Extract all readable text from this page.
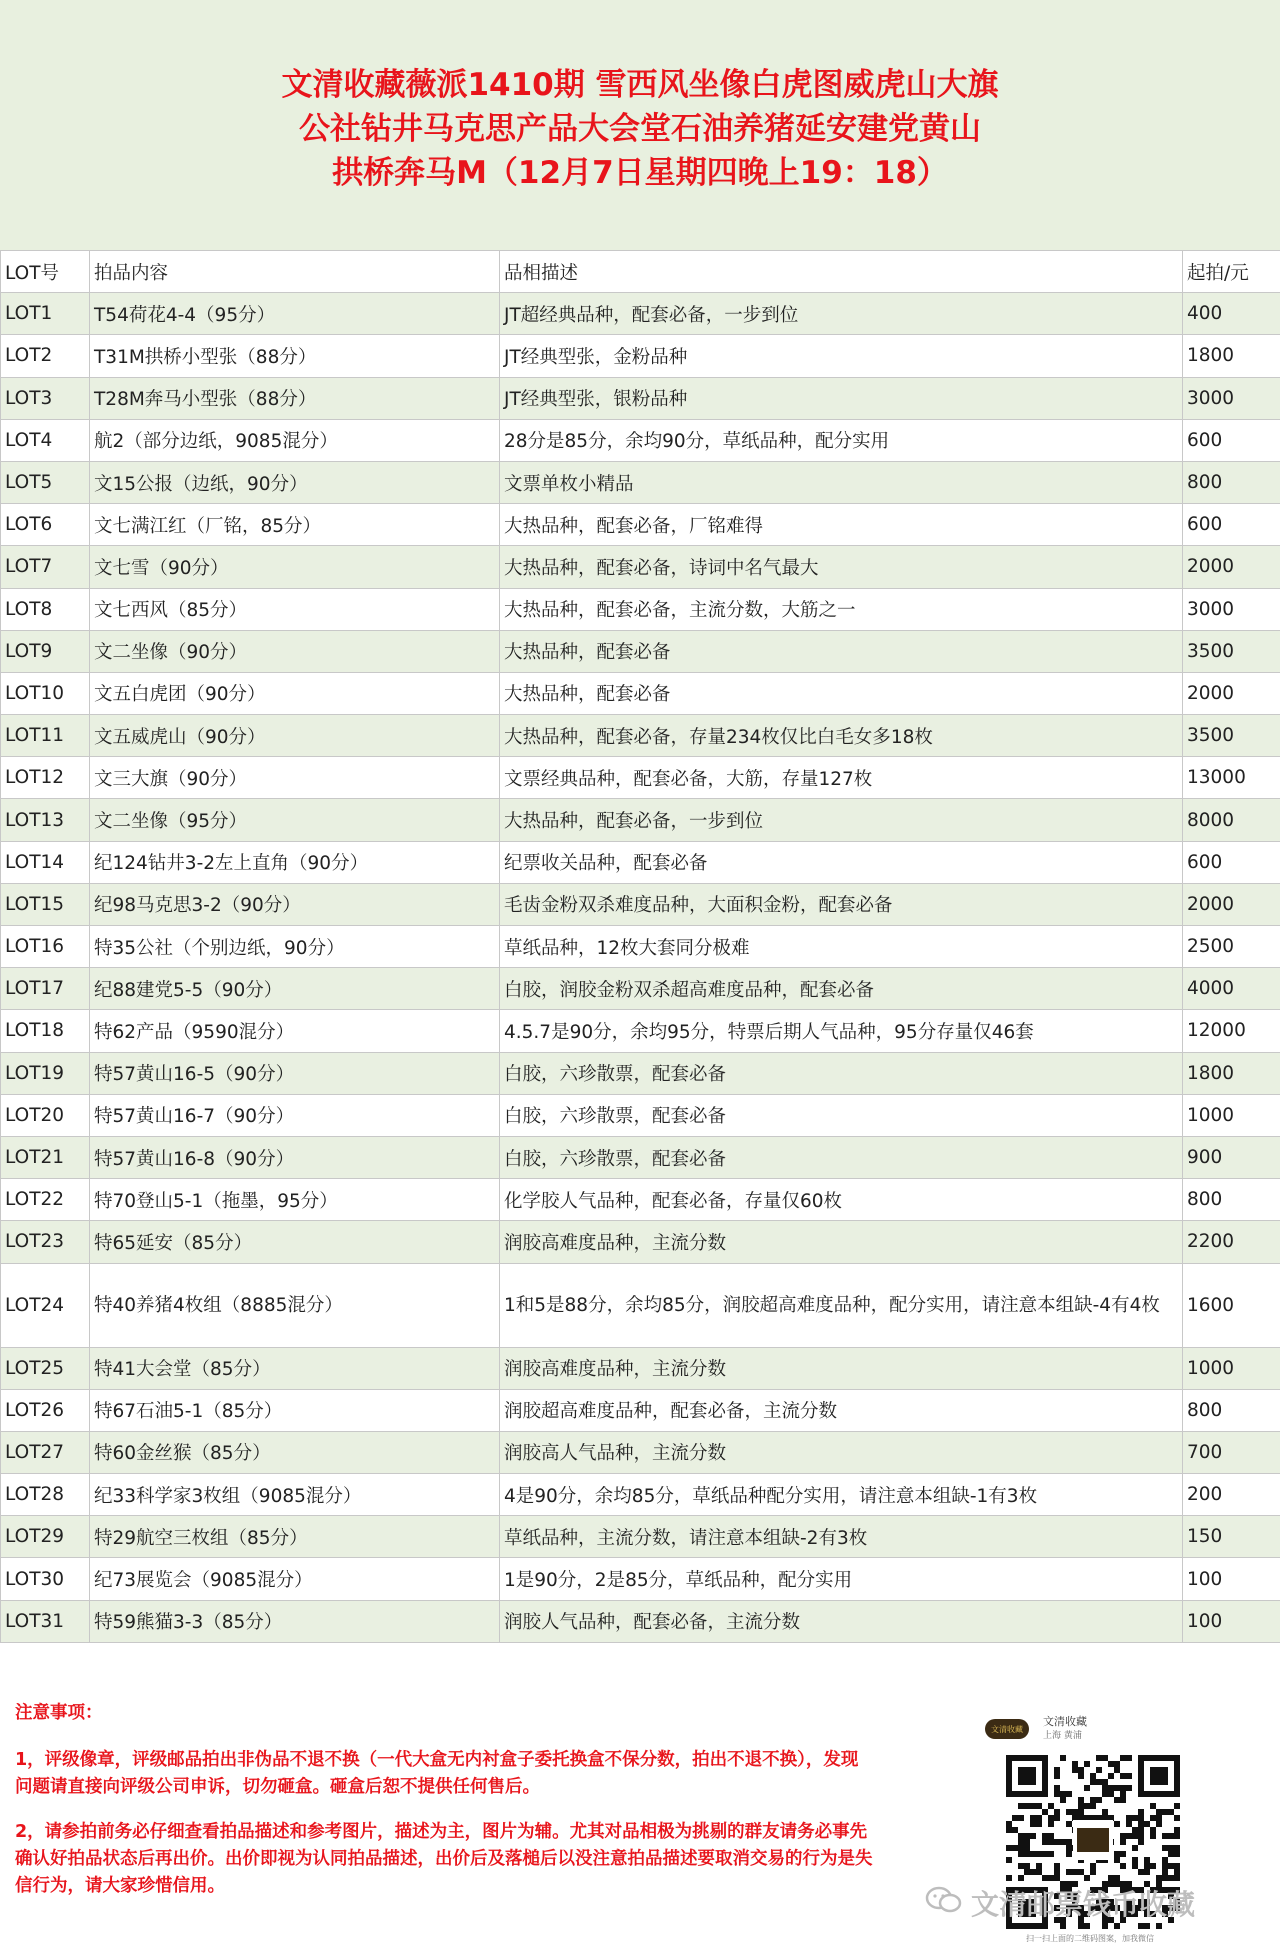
文清收藏薇派1410期 雪西风坐像白虎图威虎山大旗
公社钻井马克思产品大会堂石油养猪延安建党黄山
拱桥奔马M（12月7日星期四晚上19：18）
LOT号	拍品内容	品相描述	起拍/元
LOT1	T54荷花4-4（95分）	JT超经典品种，配套必备，一步到位	400
LOT2	T31M拱桥小型张（88分）	JT经典型张，金粉品种	1800
LOT3	T28M奔马小型张（88分）	JT经典型张，银粉品种	3000
LOT4	航2（部分边纸，9085混分）	28分是85分，余均90分，草纸品种，配分实用	600
LOT5	文15公报（边纸，90分）	文票单枚小精品	800
LOT6	文七满江红（厂铭，85分）	大热品种，配套必备，厂铭难得	600
LOT7	文七雪（90分）	大热品种，配套必备，诗词中名气最大	2000
LOT8	文七西风（85分）	大热品种，配套必备，主流分数，大筋之一	3000
LOT9	文二坐像（90分）	大热品种，配套必备	3500
LOT10	文五白虎团（90分）	大热品种，配套必备	2000
LOT11	文五威虎山（90分）	大热品种，配套必备，存量234枚仅比白毛女多18枚	3500
LOT12	文三大旗（90分）	文票经典品种，配套必备，大筋，存量127枚	13000
LOT13	文二坐像（95分）	大热品种，配套必备，一步到位	8000
LOT14	纪124钻井3-2左上直角（90分）	纪票收关品种，配套必备	600
LOT15	纪98马克思3-2（90分）	毛齿金粉双杀难度品种，大面积金粉，配套必备	2000
LOT16	特35公社（个别边纸，90分）	草纸品种，12枚大套同分极难	2500
LOT17	纪88建党5-5（90分）	白胶，润胶金粉双杀超高难度品种，配套必备	4000
LOT18	特62产品（9590混分）	4.5.7是90分，余均95分，特票后期人气品种，95分存量仅46套	12000
LOT19	特57黄山16-5（90分）	白胶，六珍散票，配套必备	1800
LOT20	特57黄山16-7（90分）	白胶，六珍散票，配套必备	1000
LOT21	特57黄山16-8（90分）	白胶，六珍散票，配套必备	900
LOT22	特70登山5-1（拖墨，95分）	化学胶人气品种，配套必备，存量仅60枚	800
LOT23	特65延安（85分）	润胶高难度品种，主流分数	2200
LOT24	特40养猪4枚组（8885混分）	1和5是88分，余均85分，润胶超高难度品种，配分实用，请注意本组缺-4有4枚	1600
LOT25	特41大会堂（85分）	润胶高难度品种，主流分数	1000
LOT26	特67石油5-1（85分）	润胶超高难度品种，配套必备，主流分数	800
LOT27	特60金丝猴（85分）	润胶高人气品种，主流分数	700
LOT28	纪33科学家3枚组（9085混分）	4是90分，余均85分，草纸品种配分实用，请注意本组缺-1有3枚	200
LOT29	特29航空三枚组（85分）	草纸品种，主流分数，请注意本组缺-2有3枚	150
LOT30	纪73展览会（9085混分）	1是90分，2是85分，草纸品种，配分实用	100
LOT31	特59熊猫3-3（85分）	润胶人气品种，配套必备，主流分数	100
注意事项：

1，评级像章，评级邮品拍出非伪品不退不换（一代大盒无内衬盒子委托换盒不保分数，拍出不退不换），发现问题请直接向评级公司申诉，切勿砸盒。砸盒后恕不提供任何售后。

2，请参拍前务必仔细查看拍品描述和参考图片，描述为主，图片为辅。尤其对品相极为挑剔的群友请务必事先确认好拍品状态后再出价。出价即视为认同拍品描述，出价后及落槌后以没注意拍品描述要取消交易的行为是失信行为，请大家珍惜信用。

文清收藏
文清收藏
上海 黄浦
扫一扫上面的二维码图案，加我微信
文清邮票钱币收藏
